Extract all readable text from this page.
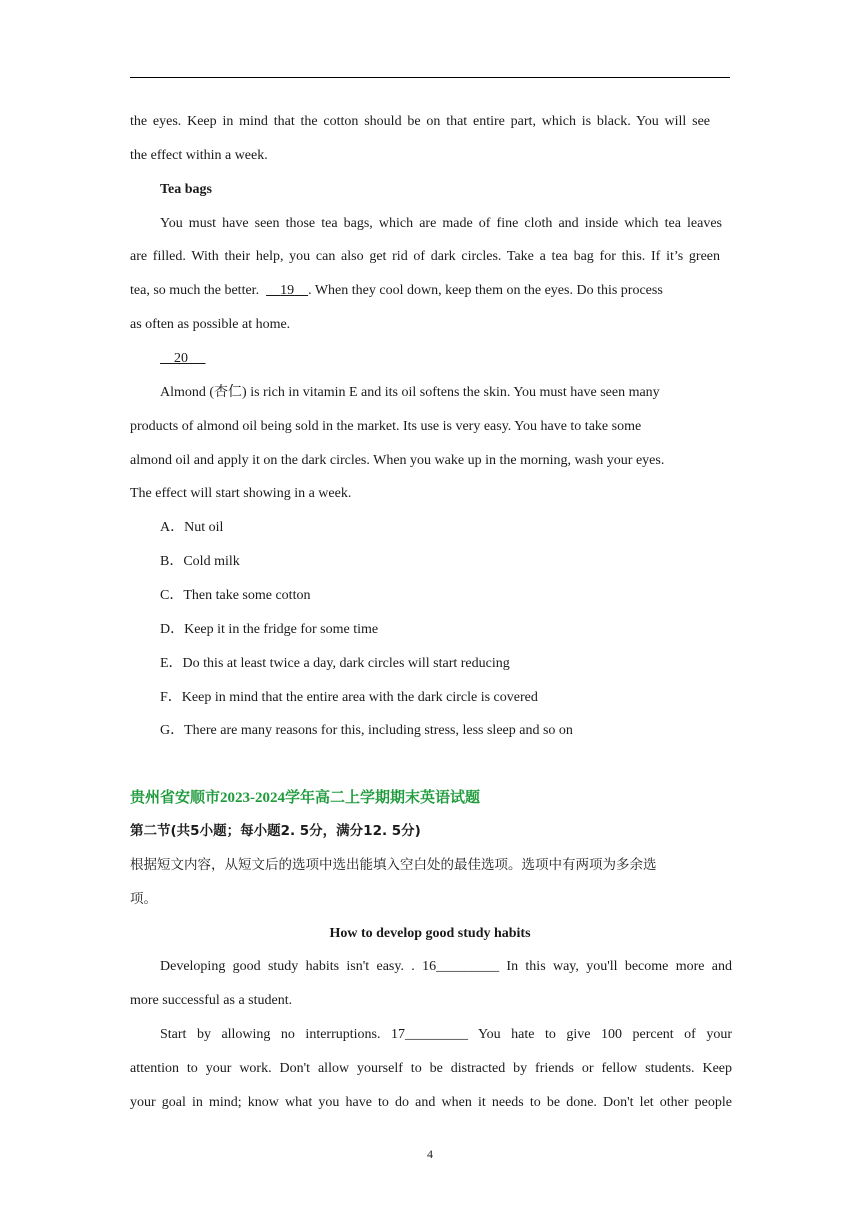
the eyes. Keep in mind that the cotton should be on that entire part, which is black. You will see
the effect within a week.
Tea bags
You must have seen those tea bags, which are made of fine cloth and inside which tea leaves
are filled. With their help, you can also get rid of dark circles. Take a tea bag for this. If it’s green
tea, so much the better. 19 . When they cool down, keep them on the eyes. Do this process
as often as possible at home.
20
Almond (杏仁) is rich in vitamin E and its oil softens the skin. You must have seen many
products of almond oil being sold in the market. Its use is very easy. You have to take some
almond oil and apply it on the dark circles. When you wake up in the morning, wash your eyes.
The effect will start showing in a week.
A．Nut oil
B．Cold milk
C．Then take some cotton
D．Keep it in the fridge for some time
E．Do this at least twice a day, dark circles will start reducing
F．Keep in mind that the entire area with the dark circle is covered
G．There are many reasons for this, including stress, less sleep and so on
贵州省安顺市2023-2024学年高二上学期期末英语试题
第二节(共5小题；每小题2. 5分，满分12. 5分)
根据短文内容，从短文后的选项中选出能填入空白处的最佳选项。选项中有两项为多余选
项。
How to develop good study habits
Developing good study habits isn't easy. . 16_________ In this way, you'll become more and
more successful as a student.
Start by allowing no interruptions. 17_________ You hate to give 100 percent of your
attention to your work. Don't allow yourself to be distracted by friends or fellow students. Keep
your goal in mind; know what you have to do and when it needs to be done. Don't let other people
4
